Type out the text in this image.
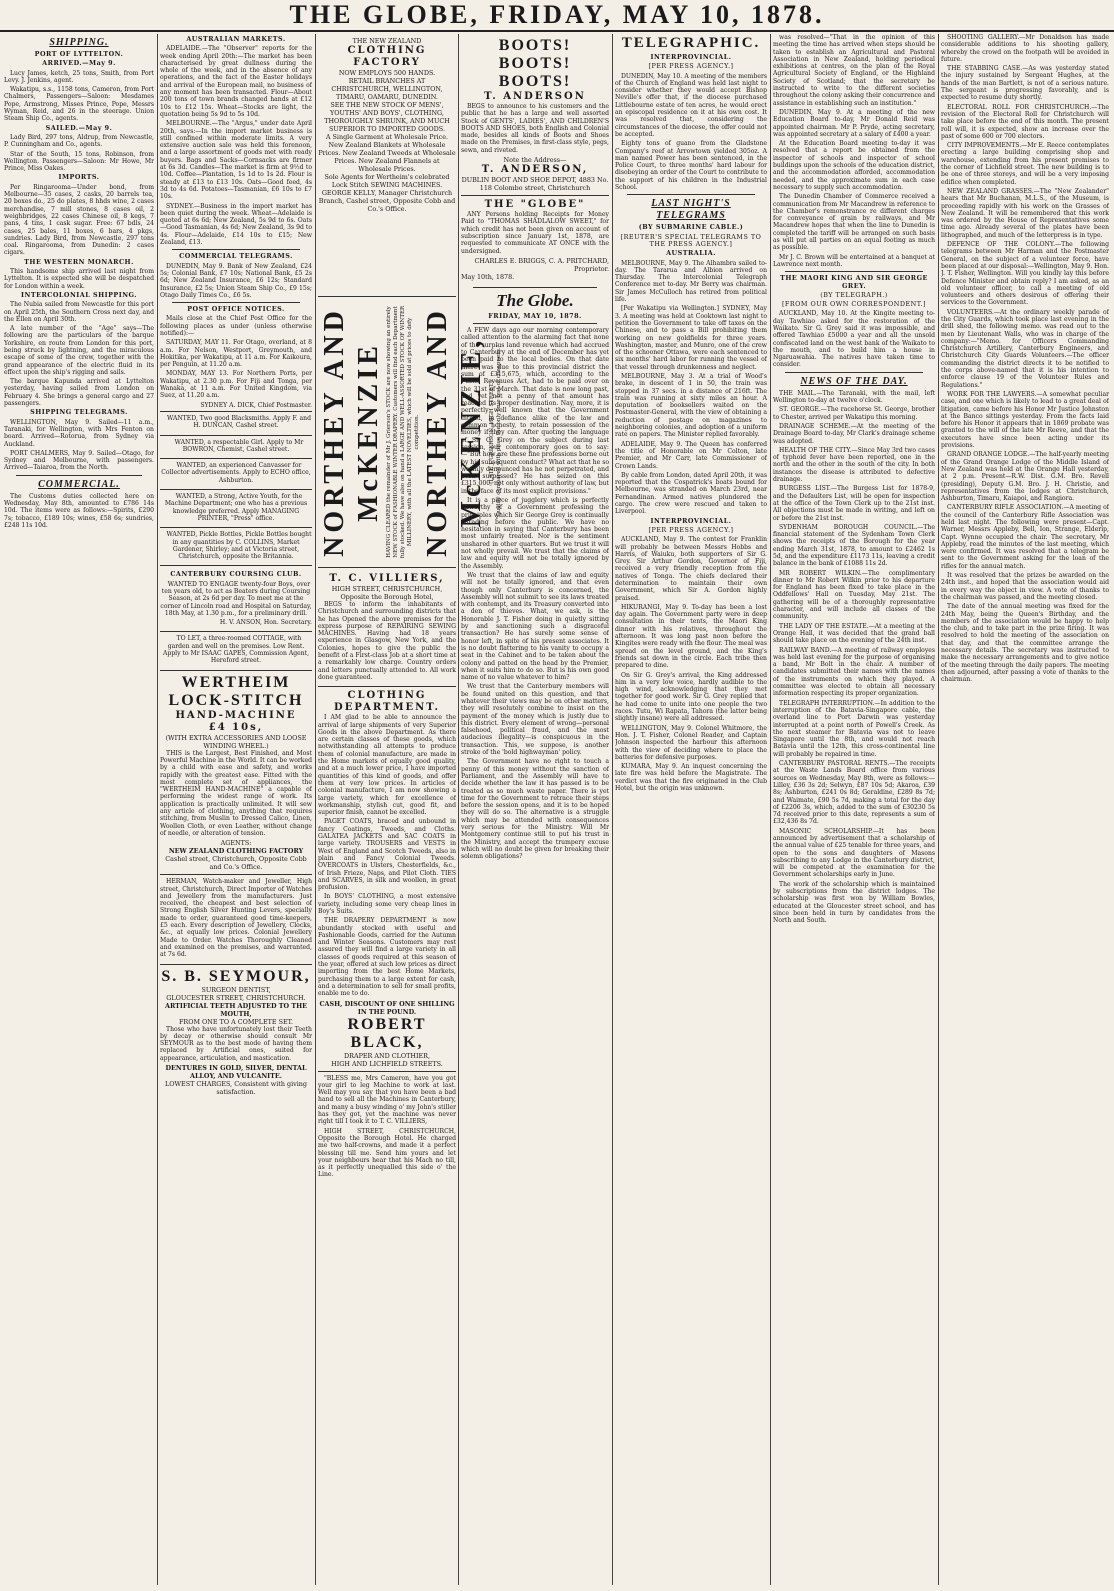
THE GLOBE, FRIDAY, MAY 10, 1878.
SHIPPING.
PORT OF LYTTELTON.
ARRIVED.—May 9.

Lucy James, ketch, 25 tons, Smith, from Port Levy. J. Jenkins, agent.

Wakatipu, s.s., 1158 tons, Cameron, from Port Chalmers, Passengers—Saloon: Mesdames Pope, Armstrong, Misses Prince, Pope, Messrs Wyman, Reid, and 26 in the steerage. Union Steam Ship Co., agents.

SAILED.—May 9.

Lady Bird, 297 tons, Aldrup, from Newcastle, P. Cunningham and Co., agents.

Star of the South, 15 tons, Robinson, from Wellington. Passengers—Saloon: Mr Howe, Mr Prince, Miss Oakes.

IMPORTS.

Per Ringarooma—Under bond, from Melbourne—35 cases, 2 casks, 20 barrels tea, 20 boxes do., 25 do plates, 8 hhds wine, 2 cases merchandise, 7 mill stones, 8 cases oil, 2 weighbridges, 22 cases Chinese oil, 8 kegs, 7 pans, 4 tins, 1 cask sugar. Free: 67 bdls, 24 cases, 25 bales, 11 boxes, 6 bars, 4 pkgs, sundries. Lady Bird, from Newcastle, 297 tons coal. Ringarooma, from Dunedin: 2 cases cigars.

THE WESTERN MONARCH.

This handsome ship arrived last night from Lyttelton. It is expected she will be despatched for London within a week.

INTERCOLONIAL SHIPPING.

The Nubia sailed from Newcastle for this port on April 25th, the Southern Cross next day, and the Ellen on April 30th.

A late number of the "Age" says—The following are the particulars of the barque Yorkshire, en route from London for this port, being struck by lightning, and the miraculous escape of some of the crew, together with the grand appearance of the electric fluid in its effect upon the ship's rigging and sails.

The barque Kapunda arrived at Lyttelton yesterday, having sailed from London on February 4. She brings a general cargo and 27 passengers.

SHIPPING TELEGRAMS.

WELLINGTON, May 9. Sailed—11 a.m., Taranaki, for Wellington, with Mrs Fenton on board. Arrived—Rotorua, from Sydney via Auckland.

PORT CHALMERS, May 9. Sailed—Otago, for Sydney and Melbourne, with passengers. Arrived—Taiaroa, from the North.

COMMERCIAL.

The Customs duties collected here on Wednesday, May 8th, amounted to £786 14s 10d. The items were as follows:—Spirits, £290 7s; tobacco, £189 10s; wines, £58 6s; sundries, £248 11s 10d.

AUSTRALIAN MARKETS.

ADELAIDE.—The "Observer" reports for the week ending April 20th:—The market has been characterised by great dullness during the whole of the week, and in the absence of any operations, and the fact of the Easter holidays and arrival of the European mail, no business of any moment has been transacted. Flour—About 200 tons of town brands changed hands at £12 10s to £12 15s. Wheat—Stocks are light, the quotation being 5s 9d to 5s 10d.

MELBOURNE.—The "Argus," under date April 20th, says:—In the import market business is still confined within moderate limits. A very extensive auction sale was held this forenoon, and a large assortment of goods met with ready buyers. Bags and Sacks—Cornsacks are firmer at 6s 3d. Candles—The market is firm at 9½d to 10d. Coffee—Plantation, 1s 1d to 1s 2d. Flour is steady at £13 to £13 10s. Oats—Good feed, 4s 3d to 4s 6d. Potatoes—Tasmanian, £6 10s to £7 10s.

SYDNEY.—Business in the import market has been quiet during the week. Wheat—Adelaide is quoted at 6s 6d; New Zealand, 5s 9d to 6s. Oats—Good Tasmanian, 4s 6d; New Zealand, 3s 9d to 4s. Flour—Adelaide, £14 10s to £15; New Zealand, £13.

COMMERCIAL TELEGRAMS.

DUNEDIN, May 9. Bank of New Zealand, £24 5s; Colonial Bank, £7 10s; National Bank, £5 2s 6d; New Zealand Insurance, £6 12s; Standard Insurance, £2 5s; Union Steam Ship Co., £9 15s; Otago Daily Times Co., £6 5s.

POST OFFICE NOTICES.

Mails close at the Chief Post Office for the following places as under (unless otherwise notified):—

SATURDAY, MAY 11. For Otago, overland, at 8 a.m. For Nelson, Westport, Greymouth, and Hokitika, per Wakatipu, at 11 a.m. For Kaikoura, per Penguin, at 11.20 a.m.

MONDAY, MAY 13. For Northern Ports, per Wakatipu, at 2.30 p.m. For Fiji and Tonga, per Wanaka, at 11 a.m. For United Kingdom, via Suez, at 11.20 a.m.

SYDNEY A. DICK, Chief Postmaster.

WANTED, Two good Blacksmiths. Apply F. and H. DUNCAN, Cashel street.

WANTED, a respectable Girl. Apply to Mr BOWRON, Chemist, Cashel street.

WANTED, an experienced Canvasser for Collector advertisements. Apply to ECHO office, Ashburton.

WANTED, a Strong, Active Youth, for the Machine Department; one who has a previous knowledge preferred. Apply MANAGING PRINTER, "Press" office.

WANTED, Pickle Bottles, Pickle Bottles bought in any quantities by C. COLLINS, Market Gardener, Shirley; and at Victoria street, Christchurch, opposite the Britannia.

CANTERBURY COURSING CLUB.

WANTED TO ENGAGE twenty-four Boys, over ten years old, to act as Beaters during Coursing Season, at 2s 6d per day. To meet me at the corner of Lincoln road and Hospital on Saturday, 18th May, at 1.30 p.m., for a preliminary drill.

H. V. ANSON, Hon. Secretary.

TO LET, a three-roomed COTTAGE, with garden and well on the premises. Low Rent. Apply to Mr ISAAC GAPES, Commission Agent, Hereford street.

WERTHEIM
LOCK-STITCH
HAND-MACHINE
£4 10s,
(WITH EXTRA ACCESSORIES AND LOOSE WINDING WHEEL.)

THIS is the Largest, Best Finished, and Most Powerful Machine in the World. It can be worked by a child with ease and safety, and works rapidly with the greatest ease. Fitted with the most complete set of appliances, the "WERTHEIM HAND-MACHINE" a capable of performing the widest range of work. Its application is practically unlimited. It will sew any article of clothing, anything that requires stitching, from Muslin to Dressed Calico, Linen, Woollen Cloth, or even Leather, without change of needle, or alteration of tension.

AGENTS:
NEW ZEALAND CLOTHING FACTORY
Cashel street, Christchurch, Opposite Cobb and Co.'s Office.

HERMAN, Watch-maker and Jeweller, High street, Christchurch, Direct Importer of Watches and Jewellery from the manufacturers. Just received, the cheapest and best selection of Strong English Silver Hunting Levers, specially made to order, guaranteed good time-keepers, £5 each. Every description of Jewellery, Clocks, &c., at equally low prices. Colonial Jewellery Made to Order. Watches Thoroughly Cleaned and examined on the premises, and warranted, at 7s 6d.

S. B. SEYMOUR,
SURGEON DENTIST,
GLOUCESTER STREET, CHRISTCHURCH.
ARTIFICIAL TEETH ADJUSTED TO THE MOUTH,
FROM ONE TO A COMPLETE SET.

Those who have unfortunately lost their Teeth by decay or otherwise should consult Mr SEYMOUR as to the best mode of having them replaced by Artificial ones, suited for appearance, articulation, and mastication.

DENTURES IN GOLD, SILVER, DENTAL ALLOY, AND VULCANITE.
LOWEST CHARGES, Consistent with giving satisfaction.
THE NEW ZEALAND
CLOTHING FACTORY
NOW EMPLOYS 500 HANDS.
RETAIL BRANCHES AT CHRISTCHURCH, WELLINGTON, TIMARU, OAMARU, DUNEDIN.
SEE THE NEW STOCK OF MENS', YOUTHS' AND BOYS', CLOTHING, THOROUGHLY SHRUNK, AND MUCH SUPERIOR TO IMPORTED GOODS.
A Single Garment at Wholesale Price.
New Zealand Blankets at Wholesale Prices. New Zealand Tweeds at Wholesale Prices. New Zealand Flannels at Wholesale Prices.
Sole Agents for Wertheim's celebrated Lock Stitch SEWING MACHINES.
GEORGE KELLY, Manager Christchurch Branch, Cashel street, Opposite Cobb and Co.'s Office.
NORTHEY AND McKENZIE HAVING CLEARED the remainder of Mr J. Grierson's STOCK are now showing an entirely NEW STOCK of FASHIONABLE WINTER DRAPERY. Customers will find each Department fully stocked. We have also on hand a LARGE AND WELL-ASSORTED STOCK OF WINTER MILLINERY, with all the LATEST NOVELTIES, which will be sold at prices to defy competition. NORTHEY AND McKENZIE, (LATE J. GRIERSON, HIGH STREET.) "Quality compared with price the only true test of cheapness."
T. C. VILLIERS,
HIGH STREET, CHRISTCHURCH, Opposite the Borough Hotel,

BEGS to inform the inhabitants of Christchurch and surrounding districts that he has Opened the above premises for the express purpose of REPAIRING SEWING MACHINES. Having had 18 years experience in Glasgow, New York, and the Colonies, hopes to give the public the benefit of a First-class Job at a short time at a remarkably low charge. Country orders and letters punctually attended to. All work done guaranteed.

CLOTHING DEPARTMENT.

I AM glad to be able to announce the arrival of large shipments of very Superior Goods in the above Department. As there are certain classes of these goods, which notwithstanding all attempts to produce them of colonial manufacture, are made in the Home markets of equally good quality, and at a much lower price, I have imported quantities of this kind of goods, and offer them at very low prices. In articles of colonial manufacture, I am now showing a large variety, which for excellence of workmanship, stylish cut, good fit, and superior finish, cannot be excelled.

PAGET COATS, braced and unbound in fancy Coatings, Tweeds, and Cloths. GALATEA JACKETS and SAC COATS in large variety. TROUSERS and VESTS in West of England and Scotch Tweeds, also in plain and Fancy Colonial Tweeds. OVERCOATS in Ulsters, Chesterfields, &c., of Irish Frieze, Naps, and Pilot Cloth. TIES and SCARVES, in silk and woollen, in great profusion.

In BOYS' CLOTHING, a most extensive variety, including some very cheap lines in Boy's Suits.

THE DRAPERY DEPARTMENT is now abundantly stocked with useful and Fashionable Goods, carried for the Autumn and Winter Seasons. Customers may rest assured they will find a large variety in all classes of goods required at this season of the year, offered at such low prices as direct importing from the best Home Markets, purchasing them to a large extent for cash, and a determination to sell for small profits, enable me to do.

CASH, DISCOUNT OF ONE SHILLING IN THE POUND.
ROBERT BLACK,
DRAPER AND CLOTHIER,
HIGH AND LICHFIELD STREETS.

"BLESS me, Mrs Cameron, have you got your girl to leg Machine to work at last. Well may you say that you have been a bad hand to sell all the Machines in Canterbury, and many a busy winding o' my John's stiller has they got, yet the machine was never right till I took it to T. C. VILLIERS,

HIGH STREET, CHRISTCHURCH, Opposite the Borough Hotel. He charged me two half-crowns, and made it a perfect blessing till me. Send him yours and let your neighbours hear that his Mach no till, as it perfectly unequalled this side o' the Line.

BOOTS! BOOTS!
BOOTS!
T. ANDERSON

BEGS to announce to his customers and the public that he has a large and well assorted Stock of GENTS', LADIES', AND CHILDREN'S BOOTS AND SHOES, both English and Colonial made, besides all kinds of Boots and Shoes made on the Premises, in first-class style, pegs, sewn, and riveted.

Note the Address—
T. ANDERSON,
DUBLIN BOOT AND SHOE DEPOT, 4883 No. 118 Colombo street, Christchurch
THE "GLOBE"

ANY Persons holding Receipts for Money Paid to "THOMAS SHADLALOW SWEET," for which credit has not been given on account of subscription since January 1st, 1878, are requested to communicate AT ONCE with the undersigned.

CHARLES E. BRIGGS, C. A. PRITCHARD, Proprietor.
May 10th, 1878.
The Globe.
FRIDAY, MAY 10, 1878.

A FEW days ago our morning contemporary called attention to the alarming fact that none of the surplus land revenue which had accrued to Canterbury at the end of December has yet been paid to the local bodies. On that date there was due to this provincial district the sum of £315,675, which, according to the Public Revenues Act, had to be paid over on the 31st of March. That date is now long past, and yet not a penny of that amount has reached its proper destination. Nay, more, it is perfectly well known that the Government intend, in defiance alike of the law and common honesty, to retain possession of the money if they can. After quoting the language of Sir G. Grey on the subject during last session, our contemporary goes on to say:—"But how are these fine professions borne out by his subsequent conduct? What act that he so warmly denounced has he not perpetrated, and even surpassed? He has seized on this £315,000, not only without authority of law, but in the face of its most explicit provisions."

It is a piece of jugglery which is perfectly unworthy of a Government professing the principles which Sir George Grey is continually parading before the public. We have no hesitation in saying that Canterbury has been most unfairly treated. Nor is the sentiment unshared in other quarters. But we trust it will not wholly prevail. We trust that the claims of law and equity will not be totally ignored by the Assembly.

We trust that the claims of law and equity will not be totally ignored, and that even though only Canterbury is concerned, the Assembly will not submit to see its laws treated with contempt, and its Treasury converted into a den of thieves. What, we ask, is the Honorable J. T. Fisher doing in quietly sitting by and sanctioning such a disgraceful transaction? He has surely some sense of honor left, in spite of his present associates. It is no doubt flattering to his vanity to occupy a seat in the Cabinet and to be taken about the colony and patted on the head by the Premier, when it suits him to do so. But is his own good name of no value whatever to him?

We trust that the Canterbury members will be found united on this question, and that whatever their views may be on other matters, they will resolutely combine to insist on the payment of the money which is justly due to this district. Every element of wrong—personal falsehood, political fraud, and the most audacious illegality—is conspicuous in the transaction. This, we suppose, is another stroke of the 'bold highwayman' policy.

The Government have no right to touch a penny of this money without the sanction of Parliament, and the Assembly will have to decide whether the law it has passed is to be treated as so much waste paper. There is yet time for the Government to retrace their steps before the session opens, and it is to be hoped they will do so. The alternative is a struggle which may be attended with consequences very serious for the Ministry. Will Mr Montgomery continue still to put his trust in the Ministry, and accept the trumpery excuse which will no doubt be given for breaking their solemn obligations?

TELEGRAPHIC.
INTERPROVINCIAL.
[PER PRESS AGENCY.]

DUNEDIN, May 10. A meeting of the members of the Church of England was held last night to consider whether they would accept Bishop Neville's offer that, if the diocese purchased Littlebourne estate of ten acres, he would erect an episcopal residence on it at his own cost. It was resolved that, considering the circumstances of the diocese, the offer could not be accepted.

Eighty tons of guano from the Gladstone Company's reef at Arrowtown yielded 305oz. A man named Power has been sentenced, in the Police Court, to three months' hard labour for disobeying an order of the Court to contribute to the support of his children in the Industrial School.

LAST NIGHT'S TELEGRAMS
(BY SUBMARINE CABLE.)
[REUTER'S SPECIAL TELEGRAMS TO THE PRESS AGENCY.]
AUSTRALIA.

MELBOURNE, May 9. The Alhambra sailed to-day. The Tararua and Albion arrived on Thursday. The Intercolonial Telegraph Conference met to-day. Mr Berry was chairman. Sir James McCulloch has retired from political life.

[Per Wakatipu via Wellington.] SYDNEY, May 3. A meeting was held at Cooktown last night to petition the Government to take off taxes on the Chinese, and to pass a Bill prohibiting them working on new goldfields for three years. Washington, master, and Munro, one of the crew of the schooner Ottawa, were each sentenced to six months' hard labor for running the vessel of that vessel through drunkenness and neglect.

MELBOURNE, May 3. At a trial of Wood's brake, in descent of 1 in 50, the train was stopped in 37 secs. in a distance of 216ft. The train was running at sixty miles an hour. A deputation of booksellers waited on the Postmaster-General, with the view of obtaining a reduction of postage on magazines to neighboring colonies, and adoption of a uniform rate on papers. The Minister replied favorably.

ADELAIDE, May 9. The Queen has conferred the title of Honorable on Mr Colton, late Premier, and Mr Carr, late Commissioner of Crown Lands.

By cable from London, dated April 20th, it was reported that the Cospatrick's boats bound for Melbourne, was stranded on March 23rd, near Fernandinan. Armed natives plundered the cargo. The crew were rescued and taken to Liverpool.

INTERPROVINCIAL.
[PER PRESS AGENCY.]

AUCKLAND, May 9. The contest for Franklin will probably be between Messrs Hobbs and Harris, of Waiuku, both supporters of Sir G. Grey. Sir Arthur Gordon, Governor of Fiji, received a very friendly reception from the natives of Tonga. The chiefs declared their determination to maintain their own Government, which Sir A. Gordon highly praised.

HIKURANGI, May 9. To-day has been a lost day again. The Government party were in deep consultation in their tents, the Maori King dinner with his relatives, throughout the afternoon. It was long past noon before the Kingites were ready with the flour. The meal was spread on the level ground, and the King's friends sat down in the circle. Each tribe then prepared to dine.

On Sir G. Grey's arrival, the King addressed him in a very low voice, hardly audible to the high wind, acknowledging that they met together for good work. Sir G. Grey replied that he had come to unite into one people the two races. Tutu, Wi Rapata, Tahora (the latter being slightly insane) were all addressed.

WELLINGTON, May 9. Colonel Whitmore, the Hon. J. T. Fisher, Colonel Reader, and Captain Johnson inspected the harbour this afternoon with the view of deciding where to place the batteries for defensive purposes.

KUMARA, May 9. An inquest concerning the late fire was held before the Magistrate. The verdict was that the fire originated in the Club Hotel, but the origin was unknown.

was resolved—"That in the opinion of this meeting the time has arrived when steps should be taken to establish an Agricultural and Pastoral Association in New Zealand, holding periodical exhibitions at centres, on the plan of the Royal Agricultural Society of England, or the Highland Society of Scotland; that the secretary be instructed to write to the different societies throughout the colony asking their concurrence and assistance in establishing such an institution."

DUNEDIN, May 9. At a meeting of the new Education Board to-day, Mr Donald Reid was appointed chairman. Mr P. Pryde, acting secretary, was appointed secretary at a salary of £400 a year.

At the Education Board meeting to-day it was resolved that a report be obtained from the inspector of schools and inspector of school buildings upon the schools of the education district, and the accommodation afforded, accommodation needed, and the approximate sum in each case necessary to supply such accommodation.

The Dunedin Chamber of Commerce received a communication from Mr Macandrew in reference to the Chamber's remonstrance re different charges for conveyance of grain by railways, and Mr Macandrew hopes that when the line to Dunedin is completed the tariff will be arranged on such basis as will put all parties on an equal footing as much as possible.

Mr J. C. Brown will be entertained at a banquet at Lawrence next month.

THE MAORI KING AND SIR GEORGE GREY.
(BY TELEGRAPH.)
[FROM OUR OWN CORRESPONDENT.]

AUCKLAND, May 10. At the Kingite meeting to-day Tawhiao asked for the restoration of the Waikato. Sir G. Grey said it was impossible, and offered Tawhiao £5000 a year and all the unsold confiscated land on the west bank of the Waikato to the mouth, and to build him a house in Ngaruawahia. The natives have taken time to consider.

NEWS OF THE DAY.

THE MAIL.—The Taranaki, with the mail, left Wellington to-day at twelve o'clock.

ST. GEORGE.—The racehorse St. George, brother to Chester, arrived per Wakatipu this morning.

DRAINAGE SCHEME.—At the meeting of the Drainage Board to-day, Mr Clark's drainage scheme was adopted.

HEALTH OF THE CITY.—Since May 3rd two cases of typhoid fever have been reported, one in the north and the other in the south of the city. In both instances the disease is attributed to defective drainage.

BURGESS LIST.—The Burgess List for 1878-9, and the Defaulters List, will be open for inspection at the office of the Town Clerk up to the 21st inst. All objections must be made in writing, and left on or before the 21st inst.

SYDENHAM BOROUGH COUNCIL.—The financial statement of the Sydenham Town Clerk shows the receipts of the Borough for the year ending March 31st, 1878, to amount to £2462 1s 5d, and the expenditure £1173 11s, leaving a credit balance in the bank of £1088 11s 2d.

MR ROBERT WILKIN.—The complimentary dinner to Mr Robert Wilkin prior to his departure for England has been fixed to take place in the Oddfellows' Hall on Tuesday, May 21st. The gathering will be of a thoroughly representative character, and will include all classes of the community.

THE LADY OF THE ESTATE.—At a meeting at the Orange Hall, it was decided that the grand ball should take place on the evening of the 24th inst.

RAILWAY BAND.—A meeting of railway employes was held last evening for the purpose of organising a band, Mr Bolt in the chair. A number of candidates submitted their names with the names of the instruments on which they played. A committee was elected to obtain all necessary information respecting its proper organization.

TELEGRAPH INTERRUPTION.—In addition to the interruption of the Batavia-Singapore cable, the overland line to Port Darwin was yesterday interrupted at a point north of Powell's Creek. As the next steamer for Batavia was not to leave Singapore until the 8th, and would not reach Batavia until the 12th, this cross-continental line will probably be repaired in time.

CANTERBURY PASTORAL RENTS.—The receipts at the Waste Lands Board office from various sources on Wednesday, May 8th, were as follows:—Lilley, £36 3s 2d; Selwyn, £87 10s 5d; Akaroa, £39 8s; Ashburton, £241 0s 8d; Geraldine, £289 8s 7d; and Waimate, £90 5s 7d, making a total for the day of £2206 3s, which, added to the sum of £30230 5s 7d received prior to this date, represents a sum of £32,436 8s 7d.

MASONIC SCHOLARSHIP.—It has been announced by advertisement that a scholarship of the annual value of £25 tenable for three years, and open to the sons and daughters of Masons subscribing to any Lodge in the Canterbury district, will be competed at the examination for the Government scholarships early in June.

The work of the scholarship which is maintained by subscriptions from the district lodges. The scholarship was first won by William Bowles, educated at the Gloucester street school, and has since been held in turn by candidates from the North and South.

SHOOTING GALLERY.—Mr Donaldson has made considerable additions to his shooting gallery, whereby the crowd on the footpath will be avoided in future.

THE STABBING CASE.—As was yesterday stated the injury sustained by Sergeant Hughes, at the hands of the man Bartlett, is not of a serious nature. The sergeant is progressing favorably, and is expected to resume duty shortly.

ELECTORAL ROLL FOR CHRISTCHURCH.—The revision of the Electoral Roll for Christchurch will take place before the end of this month. The present roll will, it is expected, show an increase over the past of some 600 or 700 electors.

CITY IMPROVEMENTS.—Mr E. Reece contemplates erecting a large building comprising shop and warehouse, extending from his present premises to the corner of Lichfield street. The new building is to be one of three storeys, and will be a very imposing edifice when completed.

NEW ZEALAND GRASSES.—The "New Zealander" hears that Mr Buchanan, M.L.S., of the Museum, is proceeding rapidly with his work on the Grasses of New Zealand. It will be remembered that this work was ordered by the House of Representatives some time ago. Already several of the plates have been lithographed, and much of the letterpress is in type.

DEFENCE OF THE COLONY.—The following telegrams between Mr Harman and the Postmaster General, on the subject of a volunteer force, have been placed at our disposal:—Wellington, May 9. Hon. J. T. Fisher, Wellington. Will you kindly lay this before Defence Minister and obtain reply? I am asked, as an old volunteer officer, to call a meeting of old volunteers and others desirous of offering their services to the Government.

VOLUNTEERS.—At the ordinary weekly parade of the City Guards, which took place last evening in the drill shed, the following memo. was read out to the men by Lieutenant Walls, who was in charge of the company:—"Memo. for Officers Commanding Christchurch Artillery, Canterbury Engineers, and Christchurch City Guards Volunteers.—The officer commanding the district directs it to be notified to the corps above-named that it is his intention to enforce clause 19 of the Volunteer Rules and Regulations."

WORK FOR THE LAWYERS.—A somewhat peculiar case, and one which is likely to lead to a great deal of litigation, came before his Honor Mr Justice Johnston at the Banco sittings yesterday. From the facts laid before his Honor it appears that in 1869 probate was granted to the will of the late Mr Reeve, and that the executors have since been acting under its provisions.

GRAND ORANGE LODGE.—The half-yearly meeting of the Grand Orange Lodge of the Middle Island of New Zealand was held at the Orange Hall yesterday, at 2 p.m. Present—R.W. Dist. G.M. Bro. Revell (presiding), Deputy G.M. Bro. J. H. Christie, and representatives from the lodges at Christchurch, Ashburton, Timaru, Kaiapoi, and Rangiora.

CANTERBURY RIFLE ASSOCIATION.—A meeting of the council of the Canterbury Rifle Association was held last night. The following were present—Capt. Warner, Messrs Appleby, Bell, Ion, Strange, Elderip, Capt. Wynne occupied the chair. The secretary, Mr Appleby, read the minutes of the last meeting, which were confirmed. It was resolved that a telegram be sent to the Government asking for the loan of the rifles for the annual match.

It was resolved that the prizes be awarded on the 24th inst., and hoped that the association would aid in every way the object in view. A vote of thanks to the chairman was passed, and the meeting closed.

The date of the annual meeting was fixed for the 24th May, being the Queen's Birthday, and the members of the association would be happy to help the club, and to take part in the prize firing. It was resolved to hold the meeting of the association on that day, and that the committee arrange the necessary details. The secretary was instructed to make the necessary arrangements and to give notice of the meeting through the daily papers. The meeting then adjourned, after passing a vote of thanks to the chairman.
